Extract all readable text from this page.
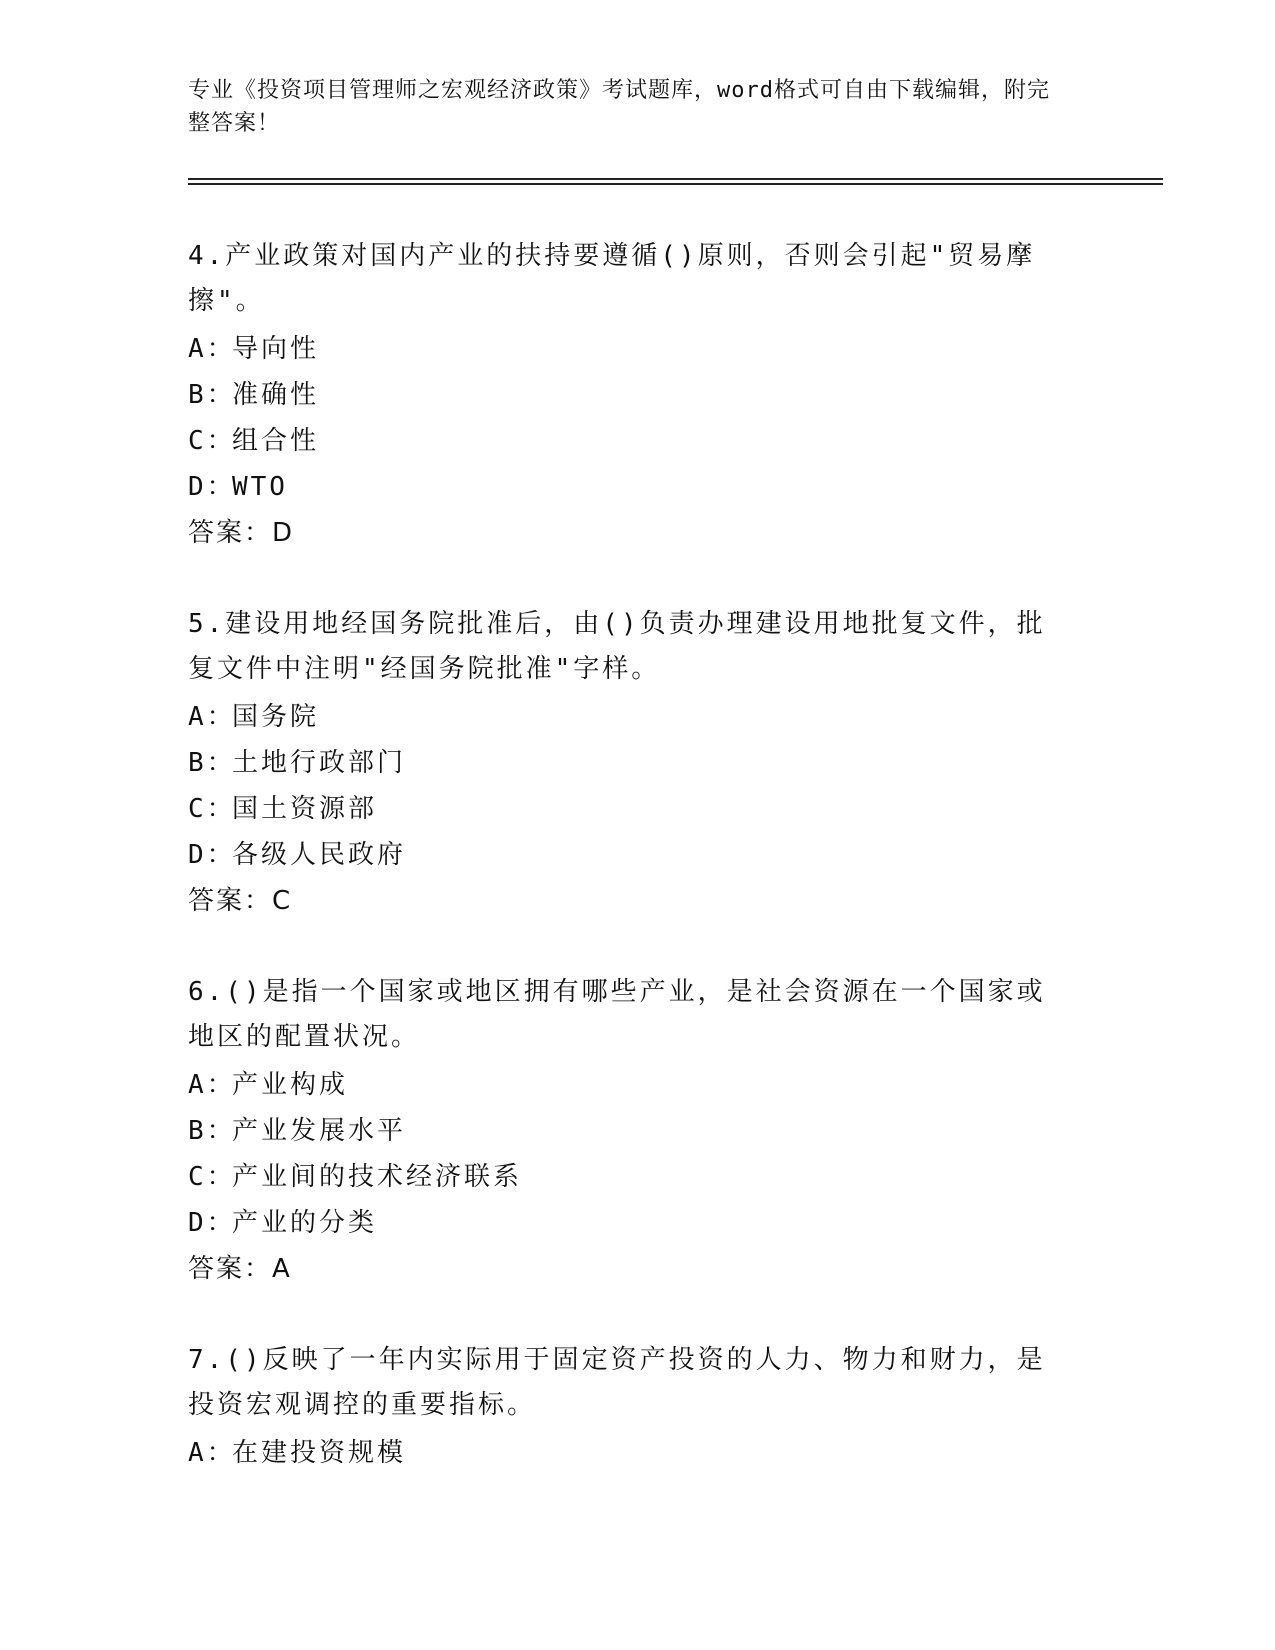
专业《投资项目管理师之宏观经济政策》考试题库，word格式可自由下载编辑，附完整答案！
4.产业政策对国内产业的扶持要遵循()原则，否则会引起"贸易摩擦"。
A：
导向性
B：
准确性
C：
组合性
D：
WTO
答案： D
5.建设用地经国务院批准后，由()负责办理建设用地批复文件，批复文件中注明"经国务院批准"字样。
A：
国务院
B：
土地行政部门
C：
国土资源部
D：
各级人民政府
答案： C
6.()是指一个国家或地区拥有哪些产业，是社会资源在一个国家或地区的配置状况。
A：
产业构成
B：
产业发展水平
C：
产业间的技术经济联系
D：
产业的分类
答案： A
7.()反映了一年内实际用于固定资产投资的人力、物力和财力，是投资宏观调控的重要指标。
A：
在建投资规模
